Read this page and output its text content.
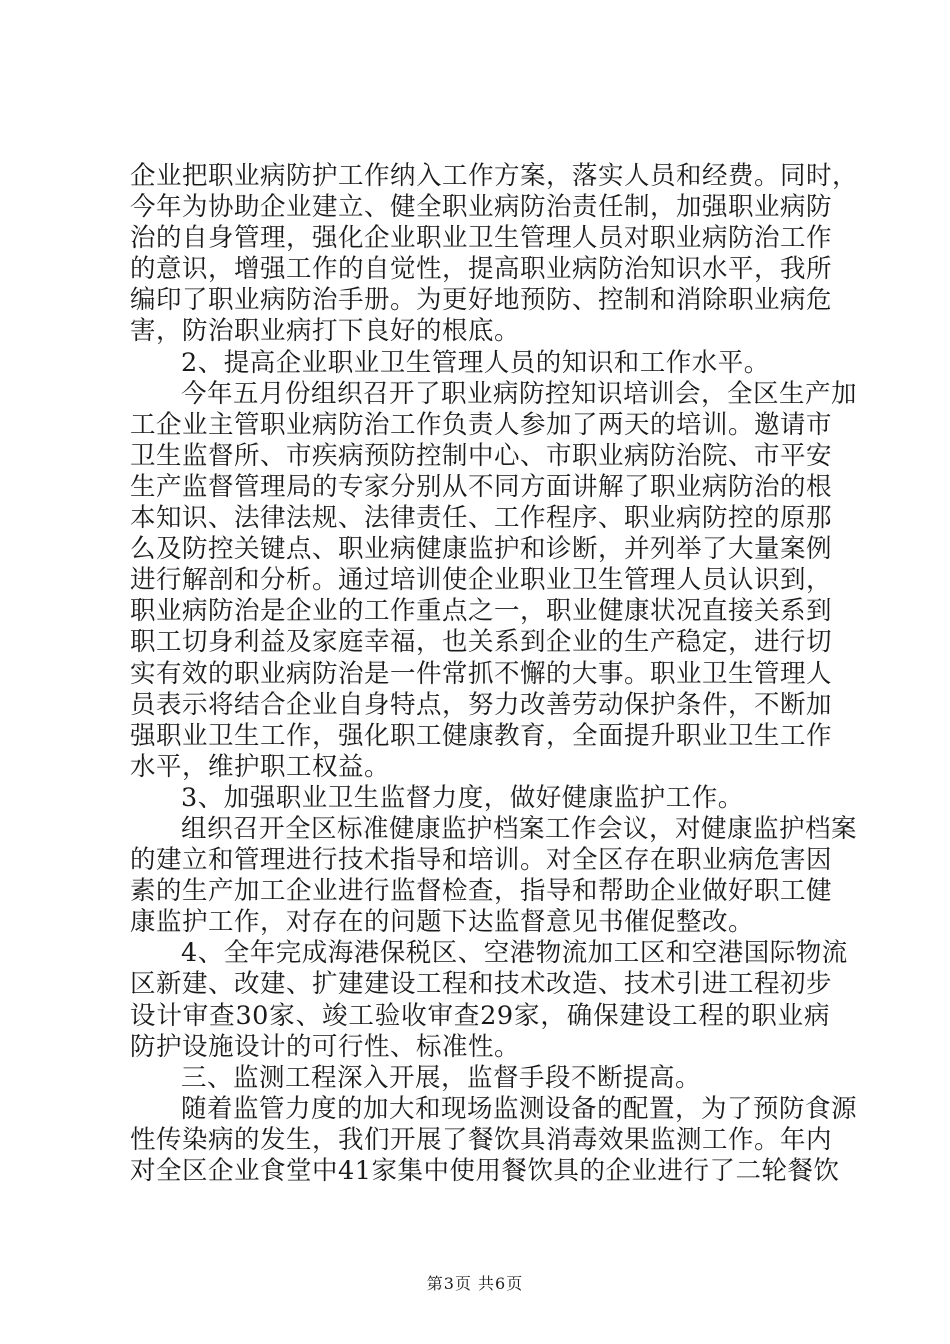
企业把职业病防护工作纳入工作方案，落实人员和经费。同时，
今年为协助企业建立、健全职业病防治责任制，加强职业病防
治的自身管理，强化企业职业卫生管理人员对职业病防治工作
的意识，增强工作的自觉性，提高职业病防治知识水平，我所
编印了职业病防治手册。为更好地预防、控制和消除职业病危
害，防治职业病打下良好的根底。
2、提高企业职业卫生管理人员的知识和工作水平。
今年五月份组织召开了职业病防控知识培训会，全区生产加
工企业主管职业病防治工作负责人参加了两天的培训。邀请市
卫生监督所、市疾病预防控制中心、市职业病防治院、市平安
生产监督管理局的专家分别从不同方面讲解了职业病防治的根
本知识、法律法规、法律责任、工作程序、职业病防控的原那
么及防控关键点、职业病健康监护和诊断，并列举了大量案例
进行解剖和分析。通过培训使企业职业卫生管理人员认识到，
职业病防治是企业的工作重点之一，职业健康状况直接关系到
职工切身利益及家庭幸福，也关系到企业的生产稳定，进行切
实有效的职业病防治是一件常抓不懈的大事。职业卫生管理人
员表示将结合企业自身特点，努力改善劳动保护条件，不断加
强职业卫生工作，强化职工健康教育，全面提升职业卫生工作
水平，维护职工权益。
3、加强职业卫生监督力度，做好健康监护工作。
组织召开全区标准健康监护档案工作会议，对健康监护档案
的建立和管理进行技术指导和培训。对全区存在职业病危害因
素的生产加工企业进行监督检查，指导和帮助企业做好职工健
康监护工作，对存在的问题下达监督意见书催促整改。
4、全年完成海港保税区、空港物流加工区和空港国际物流
区新建、改建、扩建建设工程和技术改造、技术引进工程初步
设计审查30家、竣工验收审查29家，确保建设工程的职业病
防护设施设计的可行性、标准性。
三、监测工程深入开展，监督手段不断提高。
随着监管力度的加大和现场监测设备的配置，为了预防食源
性传染病的发生，我们开展了餐饮具消毒效果监测工作。年内
对全区企业食堂中41家集中使用餐饮具的企业进行了二轮餐饮
第3页 共6页
